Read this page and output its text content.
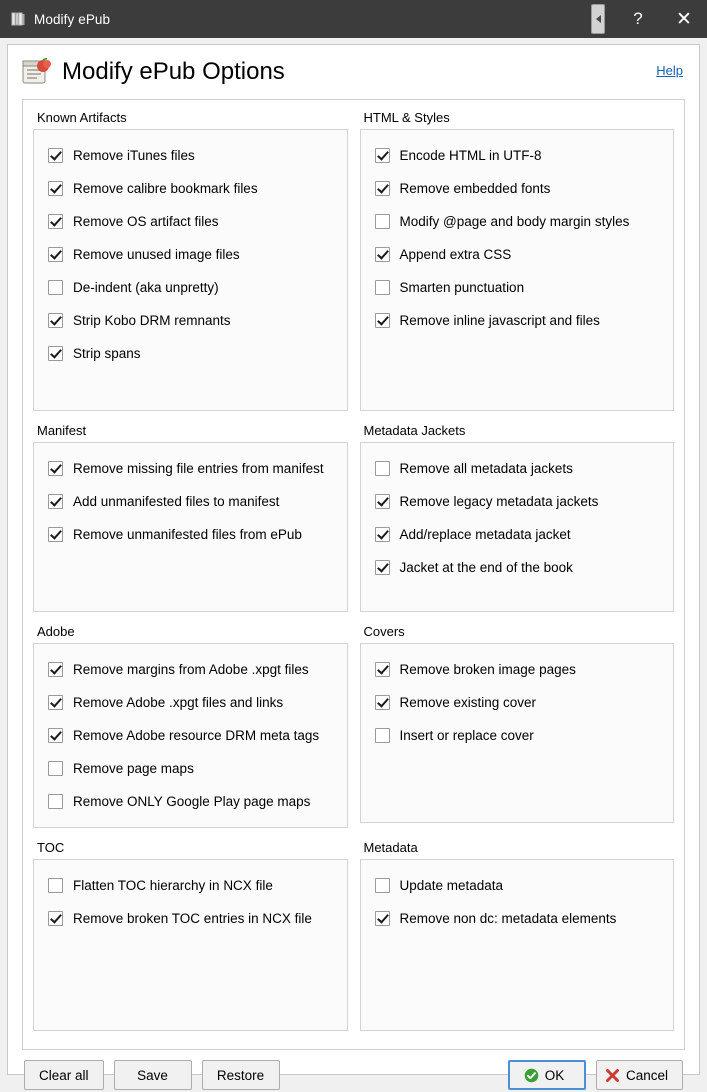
Modify ePub	?	✕
Modify ePub Options	Help
Known Artifacts
Remove iTunes files
Remove calibre bookmark files
Remove OS artifact files
Remove unused image files
De-indent (aka unpretty)
Strip Kobo DRM remnants
Strip spans
HTML & Styles
Encode HTML in UTF-8
Remove embedded fonts
Modify @page and body margin styles
Append extra CSS
Smarten punctuation
Remove inline javascript and files
Manifest
Remove missing file entries from manifest
Add unmanifested files to manifest
Remove unmanifested files from ePub
Metadata Jackets
Remove all metadata jackets
Remove legacy metadata jackets
Add/replace metadata jacket
Jacket at the end of the book
Adobe
Remove margins from Adobe .xpgt files
Remove Adobe .xpgt files and links
Remove Adobe resource DRM meta tags
Remove page maps
Remove ONLY Google Play page maps
Covers
Remove broken image pages
Remove existing cover
Insert or replace cover
TOC
Flatten TOC hierarchy in NCX file
Remove broken TOC entries in NCX file
Metadata
Update metadata
Remove non dc: metadata elements
Clear all	Save	Restore	OK	Cancel
